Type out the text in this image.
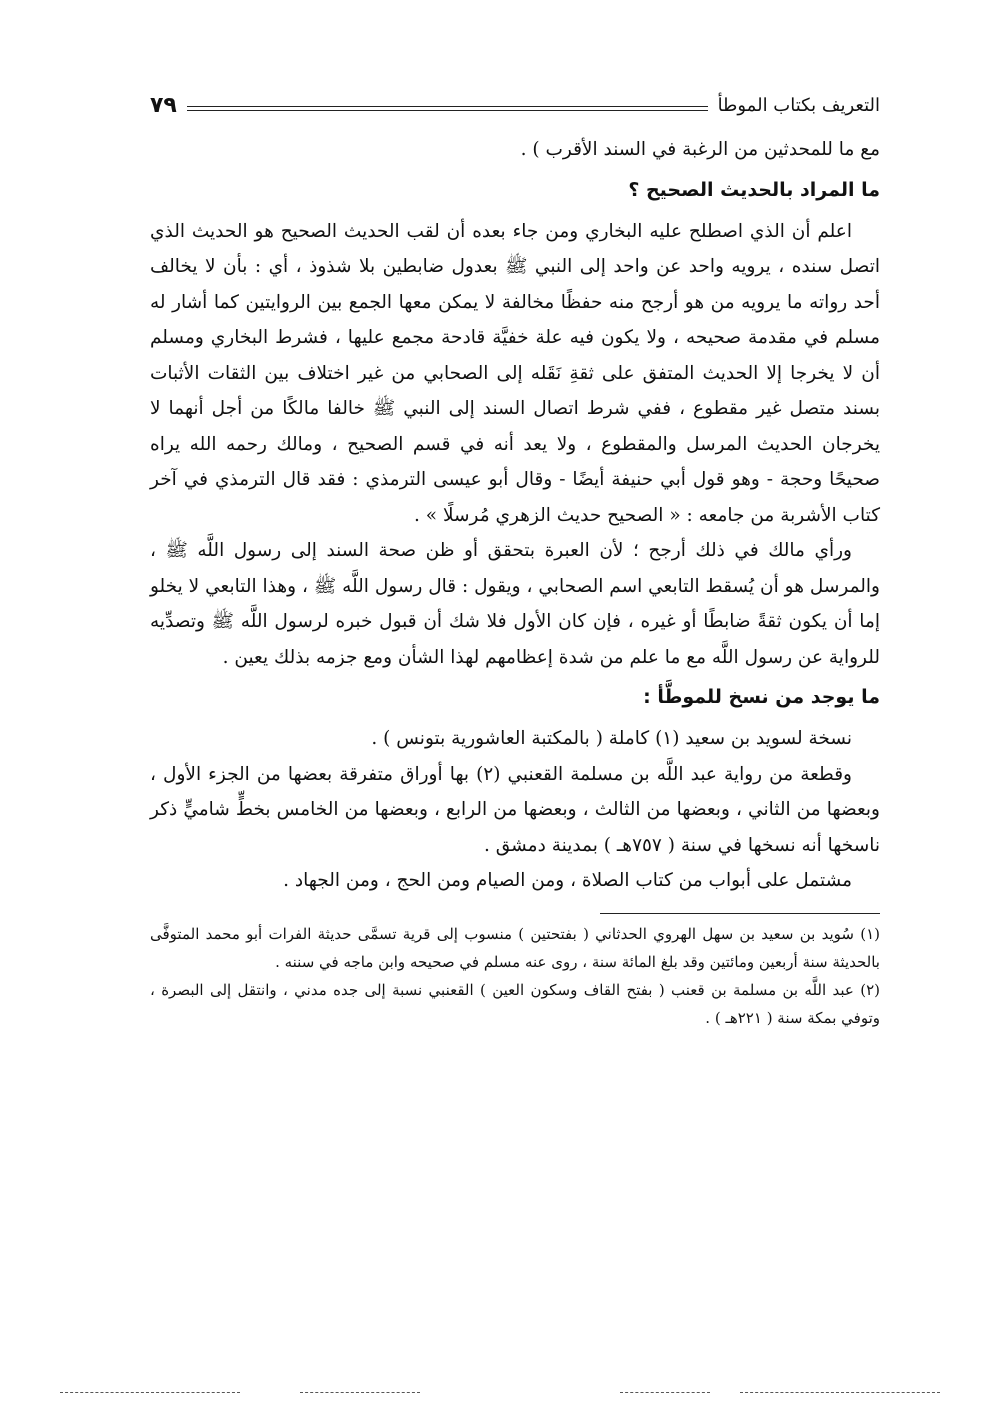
التعريف بكتاب الموطأ
٧٩

مع ما للمحدثين من الرغبة في السند الأقرب ) .

ما المراد بالحديث الصحيح ؟

اعلم أن الذي اصطلح عليه البخاري ومن جاء بعده أن لقب الحديث الصحيح هو الحديث الذي اتصل سنده ، يرويه واحد عن واحد إلى النبي ﷺ بعدول ضابطين بلا شذوذ ، أي : بأن لا يخالف أحد رواته ما يرويه من هو أرجح منه حفظًا مخالفة لا يمكن معها الجمع بين الروايتين كما أشار له مسلم في مقدمة صحيحه ، ولا يكون فيه علة خفيَّة قادحة مجمع عليها ، فشرط البخاري ومسلم أن لا يخرجا إلا الحديث المتفق على ثقةِ نَقَله إلى الصحابي من غير اختلاف بين الثقات الأثبات بسند متصل غير مقطوع ، ففي شرط اتصال السند إلى النبي ﷺ خالفا مالكًا من أجل أنهما لا يخرجان الحديث المرسل والمقطوع ، ولا يعد أنه في قسم الصحيح ، ومالك رحمه الله يراه صحيحًا وحجة - وهو قول أبي حنيفة أيضًا - وقال أبو عيسى الترمذي : فقد قال الترمذي في آخر كتاب الأشربة من جامعه : « الصحيح حديث الزهري مُرسلًا » .

ورأي مالك في ذلك أرجح ؛ لأن العبرة بتحقق أو ظن صحة السند إلى رسول اللَّه ﷺ ، والمرسل هو أن يُسقط التابعي اسم الصحابي ، ويقول : قال رسول اللَّه ﷺ ، وهذا التابعي لا يخلو إما أن يكون ثقةً ضابطًا أو غيره ، فإن كان الأول فلا شك أن قبول خبره لرسول اللَّه ﷺ وتصدِّيه للرواية عن رسول اللَّه مع ما علم من شدة إعظامهم لهذا الشأن ومع جزمه بذلك يعين .

ما يوجد من نسخ للموطَّأ :

نسخة لسويد بن سعيد (١) كاملة ( بالمكتبة العاشورية بتونس ) .

وقطعة من رواية عبد اللَّه بن مسلمة القعنبي (٢) بها أوراق متفرقة بعضها من الجزء الأول ، وبعضها من الثاني ، وبعضها من الثالث ، وبعضها من الرابع ، وبعضها من الخامس بخطٍّ شاميٍّ ذكر ناسخها أنه نسخها في سنة ( ٧٥٧هـ ) بمدينة دمشق .

مشتمل على أبواب من كتاب الصلاة ، ومن الصيام ومن الحج ، ومن الجهاد .

(١) سُويد بن سعيد بن سهل الهروي الحدثاني ( بفتحتين ) منسوب إلى قرية تسمَّى حديثة الفرات أبو محمد المتوفَّى بالحديثة سنة أربعين ومائتين وقد بلغ المائة سنة ، روى عنه مسلم في صحيحه وابن ماجه في سننه .

(٢) عبد اللَّه بن مسلمة بن قعنب ( بفتح القاف وسكون العين ) القعنبي نسبة إلى جده مدني ، وانتقل إلى البصرة ، وتوفي بمكة سنة ( ٢٢١هـ ) .
